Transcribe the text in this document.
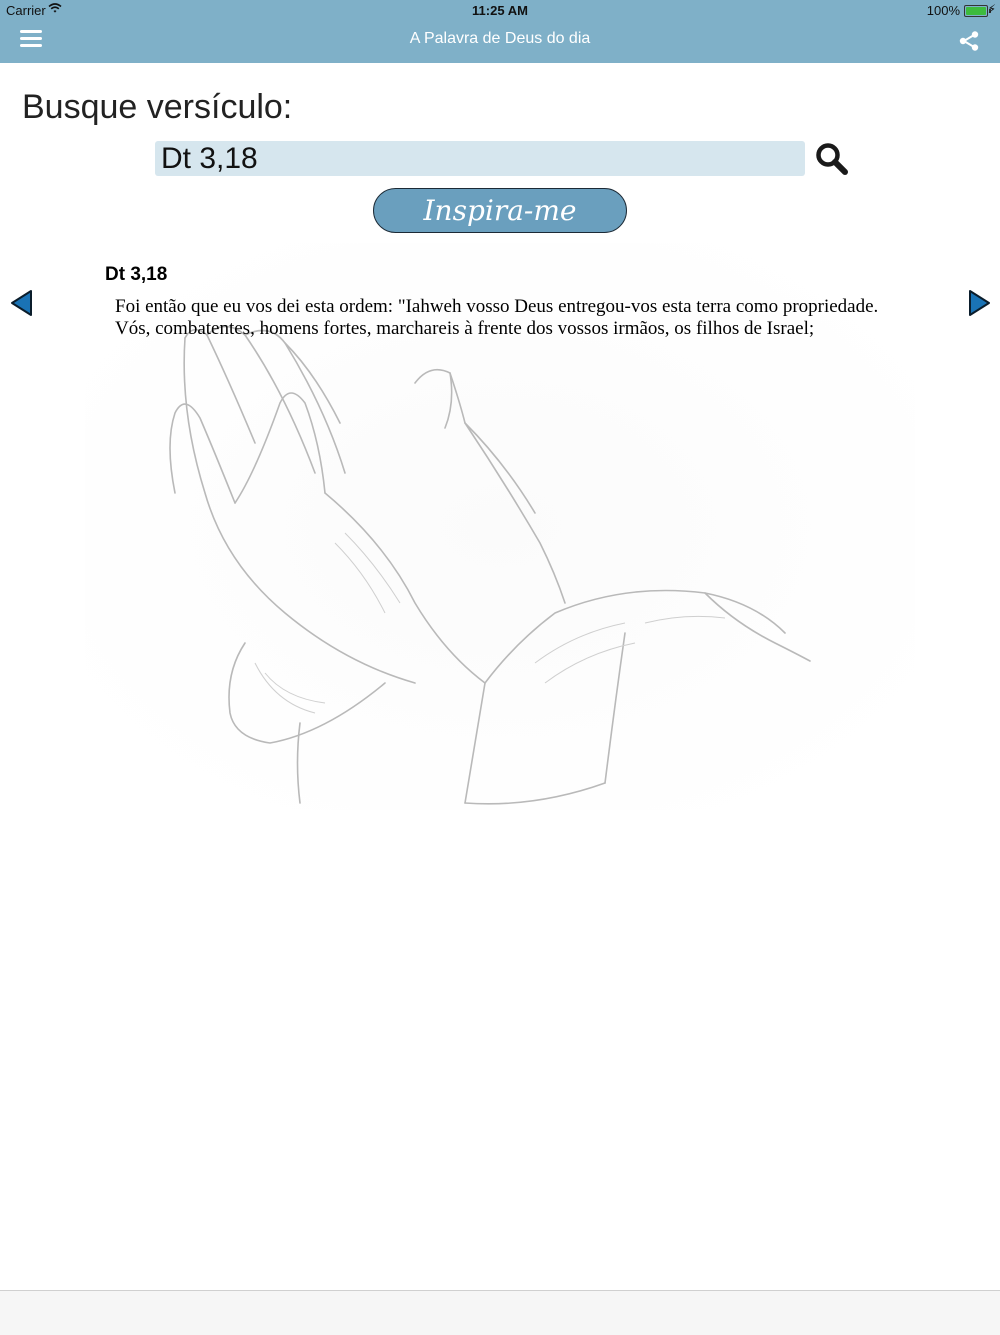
Carrier	11:25 AM	100% ⚡
A Palavra de Deus do dia
Busque versículo:
Dt 3,18
Inspira-me
Dt 3,18
Foi então que eu vos dei esta ordem: "Iahweh vosso Deus entregou-vos esta terra como propriedade. Vós, combatentes, homens fortes, marchareis à frente dos vossos irmãos, os filhos de Israel;
